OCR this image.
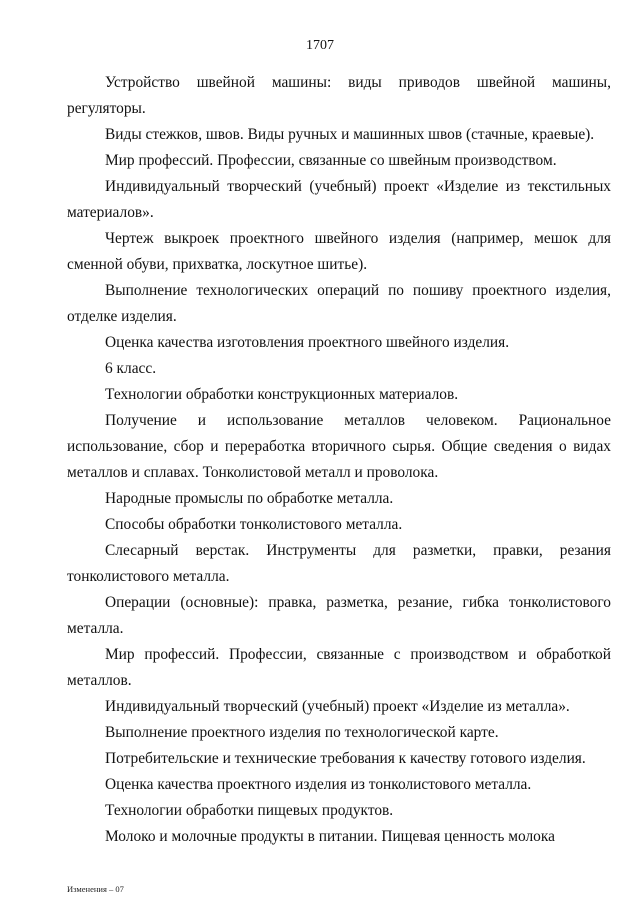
1707

Устройство швейной машины: виды приводов швейной машины, регуляторы.

Виды стежков, швов. Виды ручных и машинных швов (стачные, краевые).

Мир профессий. Профессии, связанные со швейным производством.

Индивидуальный творческий (учебный) проект «Изделие из текстильных материалов».

Чертеж выкроек проектного швейного изделия (например, мешок для сменной обуви, прихватка, лоскутное шитье).

Выполнение технологических операций по пошиву проектного изделия, отделке изделия.

Оценка качества изготовления проектного швейного изделия.

6 класс.

Технологии обработки конструкционных материалов.

Получение и использование металлов человеком. Рациональное использование, сбор и переработка вторичного сырья. Общие сведения о видах металлов и сплавах. Тонколистовой металл и проволока.

Народные промыслы по обработке металла.

Способы обработки тонколистового металла.

Слесарный верстак. Инструменты для разметки, правки, резания тонколистового металла.

Операции (основные): правка, разметка, резание, гибка тонколистового металла.

Мир профессий. Профессии, связанные с производством и обработкой металлов.

Индивидуальный творческий (учебный) проект «Изделие из металла».

Выполнение проектного изделия по технологической карте.

Потребительские и технические требования к качеству готового изделия.

Оценка качества проектного изделия из тонколистового металла.

Технологии обработки пищевых продуктов.

Молоко и молочные продукты в питании. Пищевая ценность молока

Изменения – 07
